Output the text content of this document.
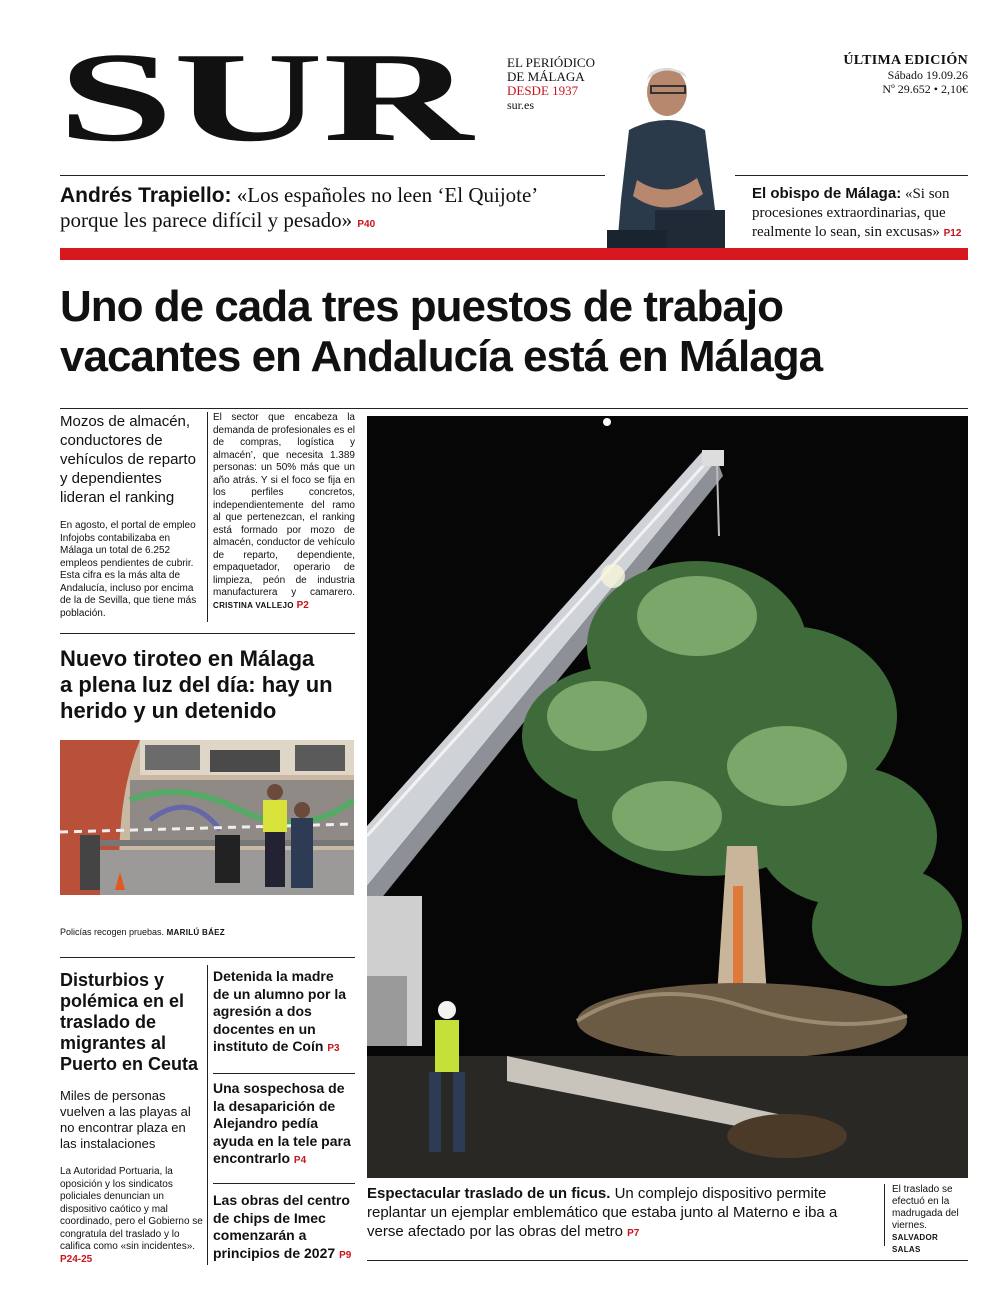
SUR EL PERIÓDICO
DE MÁLAGA
DESDE 1937
sur.es
ÚLTIMA EDICIÓN
Sábado 19.09.26
Nº 29.652 • 2,10€
Andrés Trapiello: «Los españoles no leen ‘El Quijote’ porque les parece difícil y pesado» P40
El obispo de Málaga: «Si son procesiones extraordinarias, que realmente lo sean, sin excusas» P12
Uno de cada tres puestos de trabajo
vacantes en Andalucía está en Málaga
Mozos de almacén, conductores de vehículos de reparto y dependientes lideran el ranking
En agosto, el portal de empleo Infojobs contabilizaba en Málaga un total de 6.252 empleos pendientes de cubrir. Esta cifra es la más alta de Andalucía, incluso por encima de la de Sevilla, que tiene más población.
El sector que encabeza la demanda de profesionales es el de compras, logística y almacén’, que necesita 1.389 personas: un 50% más que un año atrás. Y si el foco se fija en los perfiles concretos, independientemente del ramo al que pertenezcan, el ranking está formado por mozo de almacén, conductor de vehículo de reparto, dependiente, empaquetador, operario de limpieza, peón de industria manufacturera y camarero. CRISTINA VALLEJO P2
Nuevo tiroteo en Málaga
a plena luz del día: hay un
herido y un detenido
Policías recogen pruebas. MARILÚ BÁEZ
Disturbios y polémica en el traslado de migrantes al Puerto en Ceuta
Miles de personas vuelven a las playas al no encontrar plaza en las instalaciones
La Autoridad Portuaria, la oposición y los sindicatos policiales denuncian un dispositivo caótico y mal coordinado, pero el Gobierno se congratula del traslado y lo califica como «sin incidentes». P24-25
Detenida la madre de un alumno por la agresión a dos docentes en un instituto de Coín P3
Una sospechosa de la desaparición de Alejandro pedía ayuda en la tele para encontrarlo P4
Las obras del centro de chips de Imec comenzarán a principios de 2027 P9
Espectacular traslado de un ficus. Un complejo dispositivo permite replantar un ejemplar emblemático que estaba junto al Materno e iba a verse afectado por las obras del metro P7
El traslado se efectuó en la madrugada del viernes.
SALVADOR SALAS
